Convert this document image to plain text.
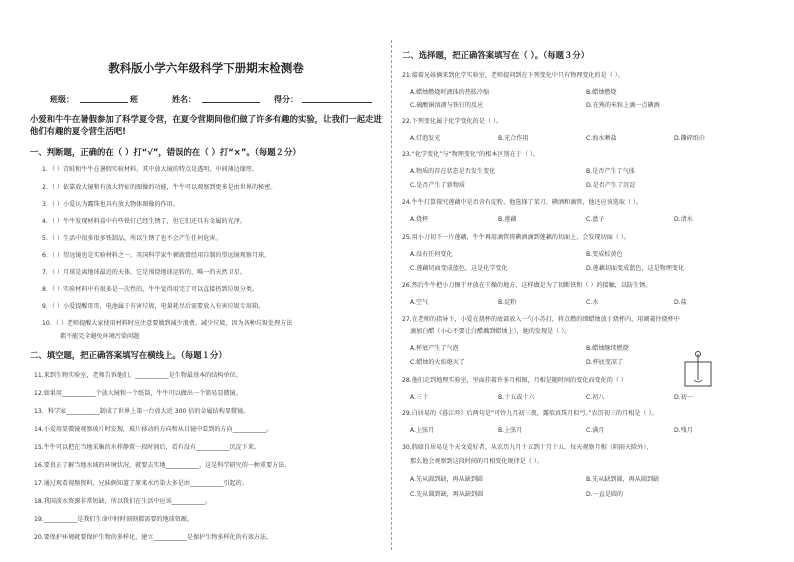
教科版小学六年级科学下册期末检测卷
班级：	班	姓名：	得分：
小爱和牛牛在暑假参加了科学夏令营，在夏令营期间他们做了许多有趣的实验，让我们一起走进他们有趣的夏令营生活吧!
一、判断题，正确的在（ ）打“√”，错误的在（ ）打“×”。（每题２分）
1．（ ）青蛙和牛牛在暑假实验材料，其中放大镜的特点是透明、中间薄边缘厚。
2．（ ）依靠放大镜和有放大特征的图像的功能，牛牛可以观察到更多是由世界的秘密。
3．（ ）小爱认为露珠也具有放大物体图像的作用。
4．（ ）牛牛发现材料盒中有些铁钉已经生锈了，但它们还具有金属的光泽。
5．（ ）生活中很多很多铁制品，所以生锈了也不会产生任何危害。
6．（ ）望远镜也是实验材料之一，英国科学家牛顿就曾经用自制的望远镜观察月球。
7．（ ）月球是离地球最近的天体，它是围绕地球运转的、唯一的天然卫星。
8．（ ）实验材料中有很多是一次性的，牛牛觉得用完了可以直接扔到垃圾分类。
9．（ ）小爱提醒哥哥，电池属于有害垃圾，电量耗尽后需要放入有害垃圾专用箱。
10．（ ）老师提醒大家使用材料时应注意要做到减少浪费、减少垃圾，因为各种垃圾处理方法
都不能完全避免环境污染问题
二、填空题，把正确答案填写在横线上。（每题１分）
11.来到生物实验室，老师告诉他们，___________是生物最基本的结构单位。
12.如果用___________个放大镜和一个纸筒，牛牛可以做出一个简易显微镜。
13．科学家___________制成了世界上第一台放大近 300 倍的金属结构显微镜。
14.小爱用显微镜观察玻片时发现，玻片移动的方向和从目镜中看到的方向___________。
15.牛牛可以把在当地采集的水样静置一段时间后，看有没有___________沉淀下来。
16.要真正了解当地水域的环境状况，就要去实地___________，这是科学研究的一种重要方法。
17.通过观看视频资料，兄妹俩知道了原来水污染大多是由___________引起的。
18.我国淡水资源非常短缺，所以我们在生活中应该___________。
19.___________是我们生命中时时刻刻都需要的地球资源。
20.要保护环境就要保护生物的多样化，建立___________是保护生物多样化的有效方法。
二、选择题，把正确答案填写在（ ）。（每题３分）
21.接着兄妹俩来到化学实验室，老师提问到在下列变化中只有物理变化的是（ ）。
A.蜡烛燃烧时液体的热胀冷缩	B.蜡烛燃烧
C.硫酸铜溶液与铁钉的反应	D.在熟的米粒上滴一点碘酒
22.下列变化属于化学变化的是（ ）。
A.灯泡发光	B.光合作用	C.海水晒盐	D.撕碎纸巾
23.“化学变化”与“物理变化”的根本区别在于（ ）。
A.物质的存在状态是否发生变化	B.是否产生了气体
C.是否产生了新物质	D.是否产生了沉淀
24.牛牛打算探究莲藕中是否含有淀粉，他选择了菜刀、碘酒和滴管，他还应该选取（ ）。
A.烧杯	B.莲藕	C.盘子	D.清水
25.用小刀切下一片莲藕，牛牛再用滴管将碘酒滴到莲藕的切面上，会发现切面（ ）。
A.没有任何变化	B.变成棕黄色
C.莲藕切面变成蓝色，这是化学变化	D.莲藕切面变成蓝色，这是物理变化
26.然后牛牛把小刀擦干并放在干燥的地方，这样做是为了切断铁和（ ）的接触，以防生锈。
A.空气	B.淀粉	C.水	D.盐
27.在老师的指导下，小爱在烧杯的底部放入一勺小苏打，将点燃的细蜡烛放于烧杯内，用调羹往烧杯中
滴加白醋（小心不要让白醋溅到蜡烛上），她的发现是（ ）。
A.杯底产生了气泡	B.蜡烛继续燃烧
C.蜡烛的火焰熄灭了	D.杯底变凉了
28.他们走到地理实验室，里面挂着许多月相图，月相是随时间的变化而变化的（ ）
A.三十	B.十五或十六	C.初八	D.初一
29.白居易的《暮江吟》后两句是“可怜九月初三夜，露似真珠月似弓。”农历初三的月相是（ ）。
A.上弦月	B.上弦月	C.满月	D.残月
30.假如自居易是个天文爱好者，从农历九月十五到十月十五，每天观察月相（阴雨天除外），
那么他会观察到这段时间的月相变化规律是（ ）。
A.先从圆到缺，再从缺到圆	B.先从缺到圆，再从圆到缺
C.先从圆到缺，再从缺到圆	D.一直是圆的
